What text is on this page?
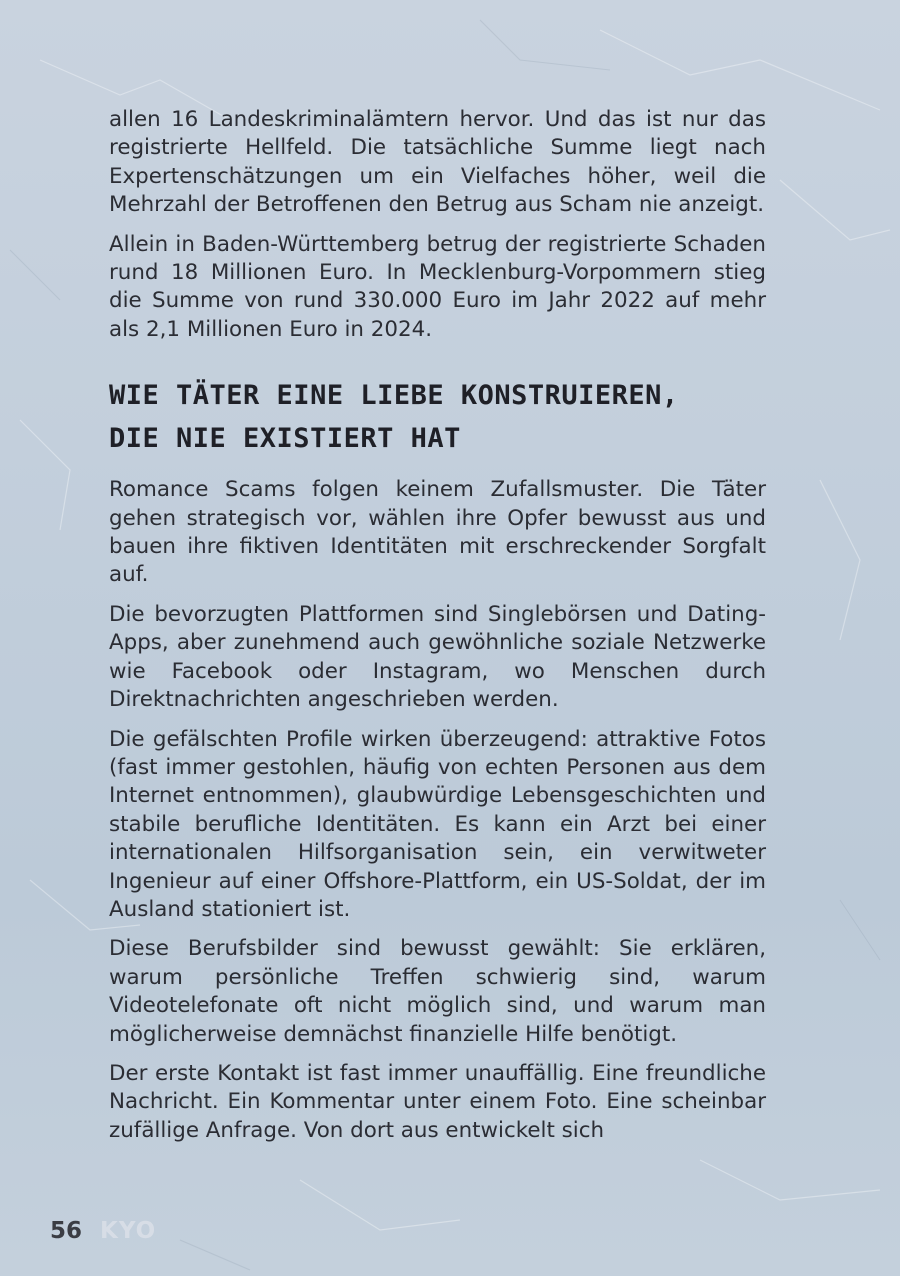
allen 16 Landeskriminalämtern hervor. Und das ist nur das registrierte Hellfeld. Die tatsächliche Summe liegt nach Expertenschätzungen um ein Vielfaches höher, weil die Mehrzahl der Betroffenen den Betrug aus Scham nie anzeigt.

Allein in Baden-Württemberg betrug der registrierte Schaden rund 18 Millionen Euro. In Mecklenburg-Vorpommern stieg die Summe von rund 330.000 Euro im Jahr 2022 auf mehr als 2,1 Millionen Euro in 2024.

WIE TÄTER EINE LIEBE KONSTRUIEREN,
DIE NIE EXISTIERT HAT

Romance Scams folgen keinem Zufallsmuster. Die Täter gehen strategisch vor, wählen ihre Opfer bewusst aus und bauen ihre fiktiven Identitäten mit erschreckender Sorgfalt auf.

Die bevorzugten Plattformen sind Singlebörsen und Dating-Apps, aber zunehmend auch gewöhnliche soziale Netzwerke wie Facebook oder Instagram, wo Menschen durch Direktnachrichten angeschrieben werden.

Die gefälschten Profile wirken überzeugend: attraktive Fotos (fast immer gestohlen, häufig von echten Personen aus dem Internet entnommen), glaubwürdige Lebensgeschichten und stabile berufliche Identitäten. Es kann ein Arzt bei einer internationalen Hilfsorganisation sein, ein verwitweter Ingenieur auf einer Offshore-Plattform, ein US-Soldat, der im Ausland stationiert ist.

Diese Berufsbilder sind bewusst gewählt: Sie erklären, warum persönliche Treffen schwierig sind, warum Videotelefonate oft nicht möglich sind, und warum man möglicherweise demnächst finanzielle Hilfe benötigt.

Der erste Kontakt ist fast immer unauffällig. Eine freundliche Nachricht. Ein Kommentar unter einem Foto. Eine scheinbar zufällige Anfrage. Von dort aus entwickelt sich

56 KYO
